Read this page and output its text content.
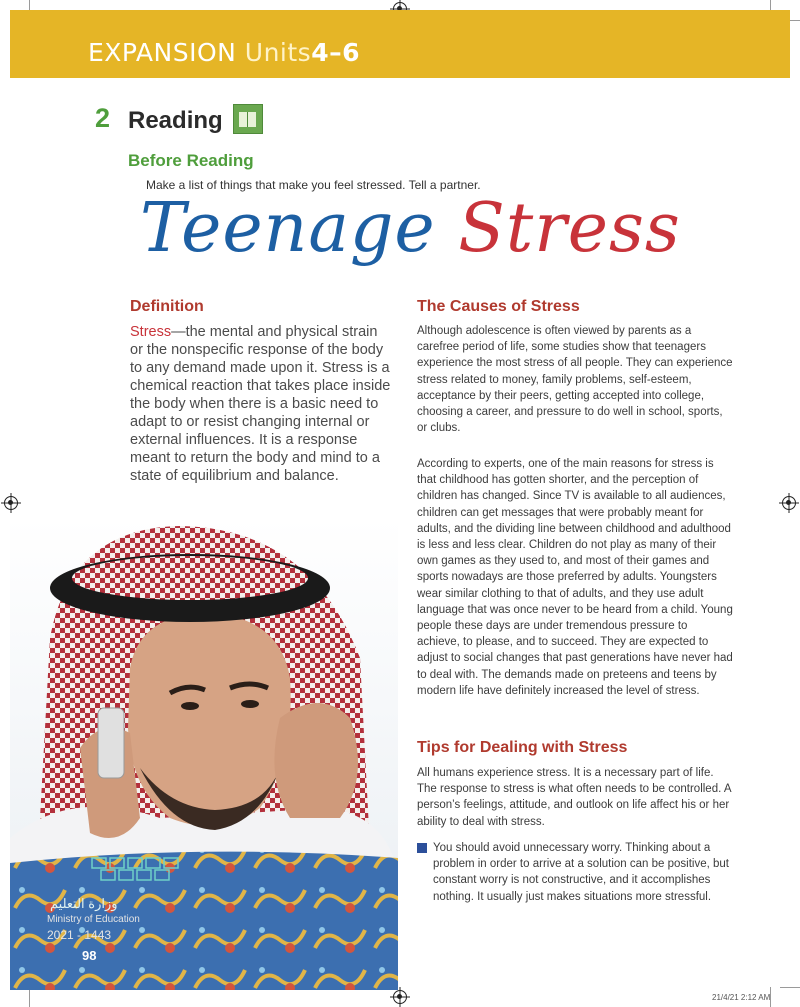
EXPANSION Units4–6
2 Reading
Before Reading
Make a list of things that make you feel stressed. Tell a partner.
Teenage Stress
Definition
Stress—the mental and physical strain or the nonspecific response of the body to any demand made upon it. Stress is a chemical reaction that takes place inside the body when there is a basic need to adapt to or resist changing internal or external influences. It is a response meant to return the body and mind to a state of equilibrium and balance.
The Causes of Stress

Although adolescence is often viewed by parents as a carefree period of life, some studies show that teenagers experience the most stress of all people. They can experience stress related to money, family problems, self-esteem, acceptance by their peers, getting accepted into college, choosing a career, and pressure to do well in school, sports, or clubs.

According to experts, one of the main reasons for stress is that childhood has gotten shorter, and the perception of children has changed. Since TV is available to all audiences, children can get messages that were probably meant for adults, and the dividing line between childhood and adulthood is less and less clear. Children do not play as many of their own games as they used to, and most of their games and sports nowadays are those preferred by adults. Youngsters wear similar clothing to that of adults, and they use adult language that was once never to be heard from a child. Young people these days are under tremendous pressure to achieve, to please, and to succeed. They are expected to adjust to social changes that past generations have never had to deal with. The demands made on preteens and teens by modern life have definitely increased the level of stress.

Tips for Dealing with Stress

All humans experience stress. It is a necessary part of life. The response to stress is what often needs to be controlled. A person’s feelings, attitude, and outlook on life affect his or her ability to deal with stress.

You should avoid unnecessary worry. Thinking about a problem in order to arrive at a solution can be positive, but constant worry is not constructive, and it accomplishes nothing. It usually just makes situations more stressful.
وزارة التعليم
Ministry of Education
2021 - 1443
98
21/4/21 2:12 AM
